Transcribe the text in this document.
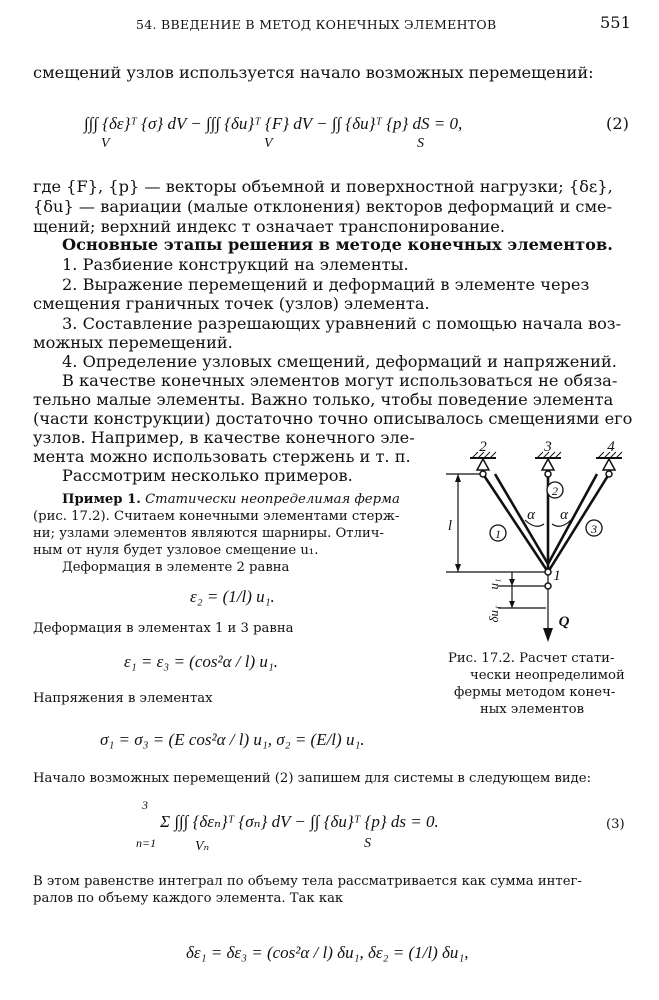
54. ВВЕДЕНИЕ В МЕТОД КОНЕЧНЫХ ЭЛЕМЕНТОВ	551

смещений узлов используется начало возможных перемещений:

∫∫∫ {δε}ᵀ {σ} dV − ∫∫∫ {δu}ᵀ {F} dV − ∫∫ {δu}ᵀ {p} dS = 0,
V	V	S
(2)

где {F}, {p} — векторы объемной и поверхностной нагрузки; {δε},

{δu} — вариации (малые отклонения) векторов деформаций и сме-

щений; верхний индекс т означает транспонирование.

Основные этапы решения в методе конечных элементов.

1. Разбиение конструкций на элементы.

2. Выражение перемещений и деформаций в элементе через

смещения граничных точек (узлов) элемента.

3. Составление разрешающих уравнений с помощью начала воз-

можных перемещений.

4. Определение узловых смещений, деформаций и напряжений.

В качестве конечных элементов могут использоваться не обяза-

тельно малые элементы. Важно только, чтобы поведение элемента

(части конструкции) достаточно точно описывалось смещениями его

узлов. Например, в качестве конечного эле-

мента можно использовать стержень и т. п.

Рассмотрим несколько примеров.

Пример 1. Статически неопределимая ферма

(рис. 17.2). Считаем конечными элементами стерж-

ни; узлами элементов являются шарниры. Отлич-

ным от нуля будет узловое смещение u₁.

Деформация в элементе 2 равна

ε₂ = (1/l) u₁.

Деформация в элементах 1 и 3 равна

ε₁ = ε₃ = (cos²α / l) u₁.

Напряжения в элементах

σ₁ = σ₃ = (E cos²α / l) u₁, σ₂ = (E/l) u₁.
2	3	4
1
2
1	3
α α
l
u₁
δu₁	Q

Рис. 17.2. Расчет стати-

чески неопределимой

фермы методом конеч-

ных элементов

Начало возможных перемещений (2) запишем для системы в следующем виде:

3
Σ ∫∫∫ {δεₙ}ᵀ {σₙ} dV − ∫∫ {δu}ᵀ {p} ds = 0.
n=1	Vₙ	S
(3)

В этом равенстве интеграл по объему тела рассматривается как сумма интег-

ралов по объему каждого элемента. Так как

δε₁ = δε₃ = (cos²α / l) δu₁, δε₂ = (1/l) δu₁,
